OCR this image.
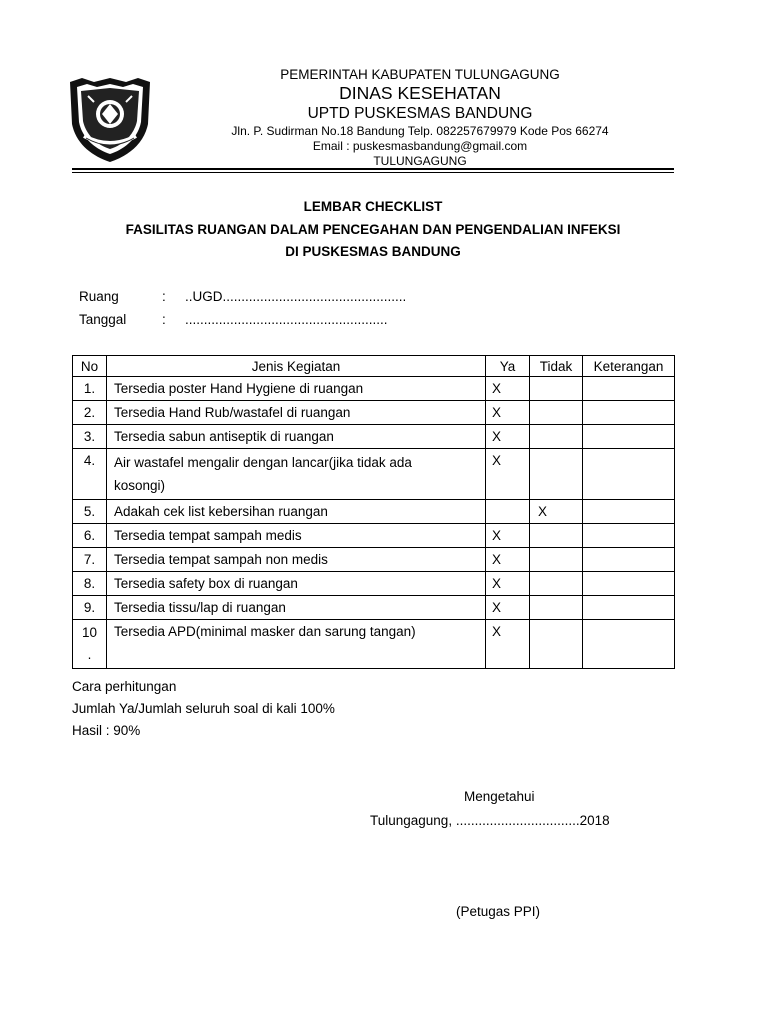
PEMERINTAH KABUPATEN TULUNGAGUNG
DINAS KESEHATAN
UPTD PUSKESMAS BANDUNG
Jln. P. Sudirman No.18 Bandung Telp. 082257679979 Kode Pos 66274
Email : puskesmasbandung@gmail.com
TULUNGAGUNG
LEMBAR CHECKLIST
FASILITAS RUANGAN DALAM PENCEGAHAN DAN PENGENDALIAN INFEKSI
DI PUSKESMAS BANDUNG
Ruang	: ..UGD.................................................
Tanggal	: ......................................................
No	Jenis Kegiatan	Ya	Tidak	Keterangan
1.	Tersedia poster Hand Hygiene di ruangan	X		
2.	Tersedia Hand Rub/wastafel di ruangan	X		
3.	Tersedia sabun antiseptik di ruangan	X		
4.	Air wastafel mengalir dengan lancar(jika tidak ada kosongi)	X		
5.	Adakah cek list kebersihan ruangan		X	
6.	Tersedia tempat sampah medis	X		
7.	Tersedia tempat sampah non medis	X		
8.	Tersedia safety box di ruangan	X		
9.	Tersedia tissu/lap di ruangan	X		
10 .	Tersedia APD(minimal masker dan sarung tangan)	X		
Cara perhitungan
Jumlah Ya/Jumlah seluruh soal di kali 100%
Hasil : 90%
Mengetahui
Tulungagung, .................................2018
(Petugas PPI)
